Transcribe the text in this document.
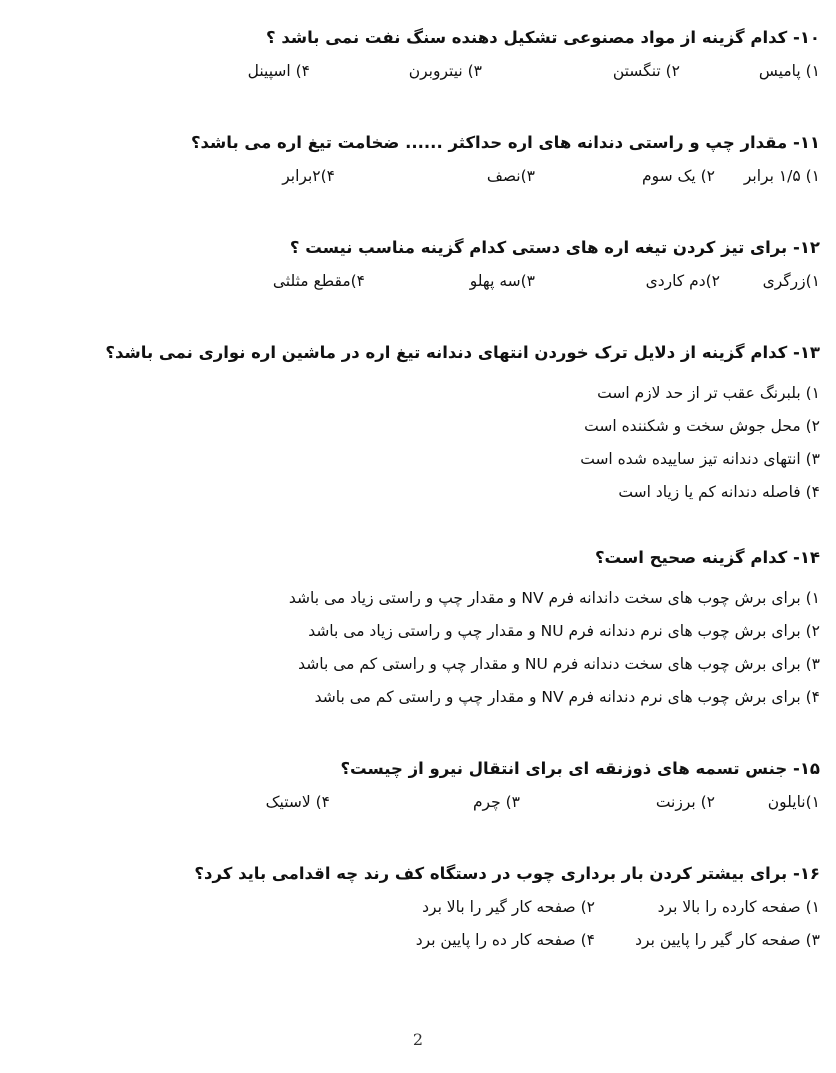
۱۰- کدام گزینه از مواد مصنوعی تشکیل دهنده سنگ نفت نمی باشد ؟
۱) پامیس
۲) تنگستن
۳) نیتروبرن
۴) اسپینل
۱۱- مقدار چپ و راستی دندانه های اره حداکثر ...... ضخامت تیغ اره می باشد؟
۱) ۱/۵ برابر
۲) یک سوم
۳)نصف
۴)۲برابر
۱۲- برای تیز کردن تیغه اره های دستی کدام گزینه مناسب نیست ؟
۱)زرگری
۲)دم کاردی
۳)سه پهلو
۴)مقطع مثلثی
۱۳- کدام گزینه از دلایل ترک خوردن انتهای دندانه تیغ اره در ماشین اره نواری نمی باشد؟
۱) بلبرنگ عقب تر از حد لازم است
۲) محل جوش سخت و شکننده است
۳) انتهای دندانه تیز ساییده شده است
۴) فاصله دندانه کم یا زیاد است
۱۴- کدام گزینه صحیح است؟
۱) برای برش چوب های سخت داندانه فرم NV و مقدار چپ و راستی زیاد می باشد
۲) برای برش چوب های نرم دندانه فرم NU و مقدار چپ و راستی زیاد می باشد
۳) برای برش چوب های سخت دندانه فرم NU و مقدار چپ و راستی کم می باشد
۴) برای برش چوب های نرم دندانه فرم NV و مقدار چپ و راستی کم می باشد
۱۵- جنس تسمه های ذوزنقه ای برای انتقال نیرو از چیست؟
۱)نایلون
۲) برزنت
۳) چرم
۴) لاستیک
۱۶- برای بیشتر کردن بار برداری چوب در دستگاه کف رند چه اقدامی باید کرد؟
۱) صفحه کارده را بالا برد
۲) صفحه کار گیر را بالا برد
۳) صفحه کار گیر را پایین برد
۴) صفحه کار ده را پایین برد
2
